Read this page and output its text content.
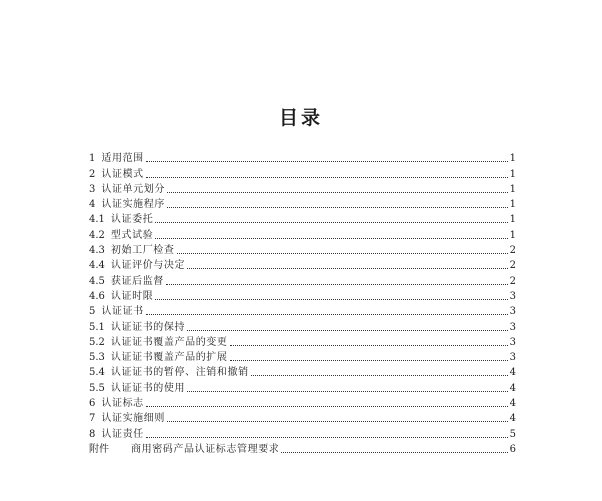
目录
1 适用范围	1
2 认证模式	1
3 认证单元划分	1
4 认证实施程序	1
4.1 认证委托	1
4.2 型式试验	1
4.3 初始工厂检查	2
4.4 认证评价与决定	2
4.5 获证后监督	2
4.6 认证时限	3
5 认证证书	3
5.1 认证证书的保持	3
5.2 认证证书覆盖产品的变更	3
5.3 认证证书覆盖产品的扩展	3
5.4 认证证书的暂停、注销和撤销	4
5.5 认证证书的使用	4
6 认证标志	4
7 认证实施细则	4
8 认证责任	5
附件 商用密码产品认证标志管理要求	6
